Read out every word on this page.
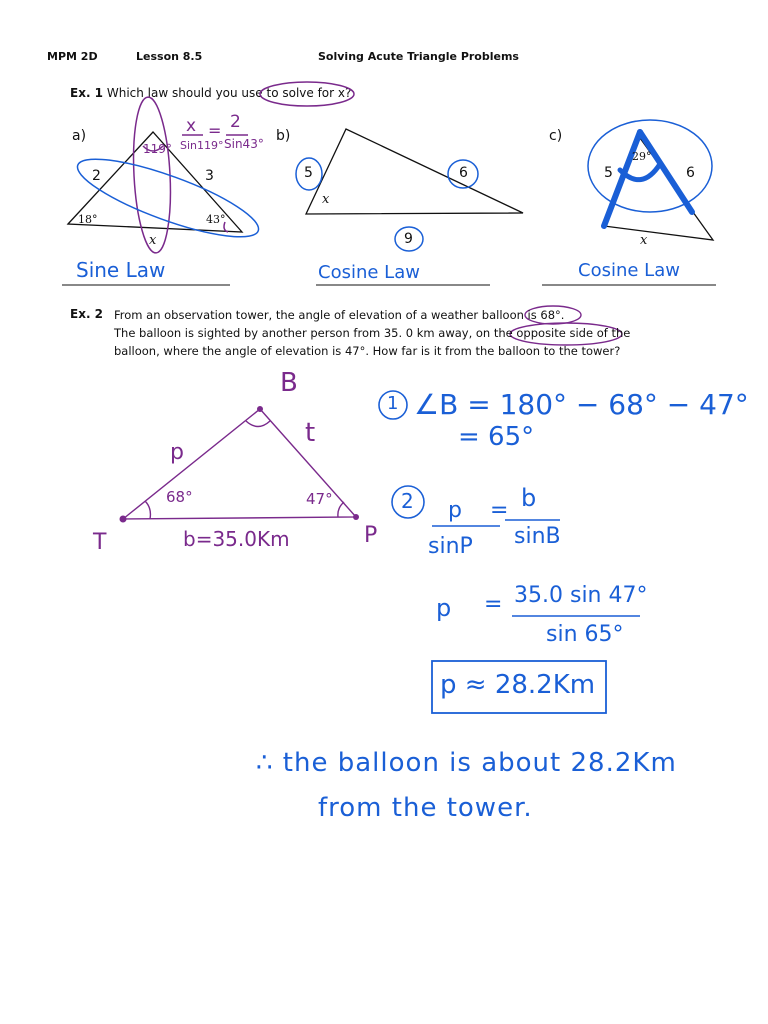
MPM 2D	Lesson 8.5	Solving Acute Triangle Problems
Ex. 1 Which law should you use to solve for x?
a)
2	3
18°	43°
x
119°
x = 2
Sin119° Sin43°
Sine Law
b)
5	6
9
x
Cosine Law
c)
5	6
29°
x
Cosine Law
Ex. 2 From an observation tower, the angle of elevation of a weather balloon is 68°.
The balloon is sighted by another person from 35. 0 km away, on the opposite side of the
balloon, where the angle of elevation is 47°. How far is it from the balloon to the tower?
B
T	P
p
t
68°	47°
b=35.0Km
1 ∠B = 180° − 68° − 47°
= 65°
2 p
sinP
= b
sinB
p = 35.0 sin 47°
sin 65°
p ≈ 28.2Km
∴ the balloon is about 28.2Km
from the tower.
